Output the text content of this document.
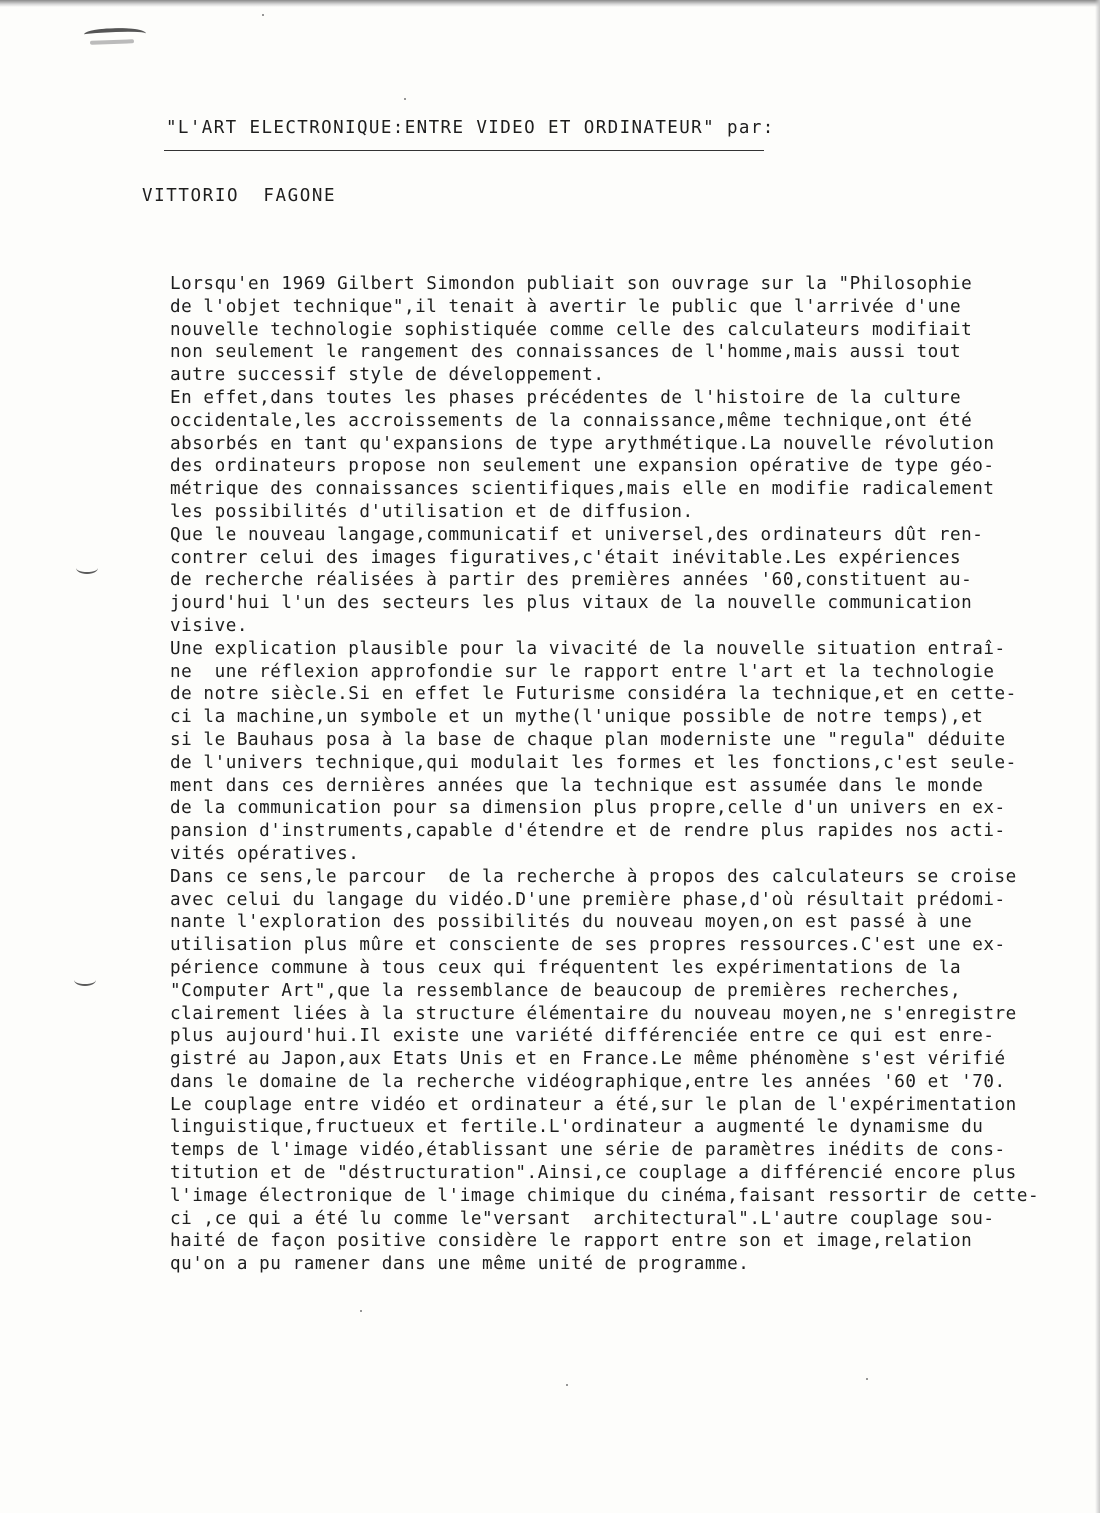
"L'ART ELECTRONIQUE:ENTRE VIDEO ET ORDINATEUR" par:
VITTORIO  FAGONE
Lorsqu'en 1969 Gilbert Simondon publiait son ouvrage sur la "Philosophie
de l'objet technique",il tenait à avertir le public que l'arrivée d'une
nouvelle technologie sophistiquée comme celle des calculateurs modifiait
non seulement le rangement des connaissances de l'homme,mais aussi tout
autre successif style de développement.
En effet,dans toutes les phases précédentes de l'histoire de la culture
occidentale,les accroissements de la connaissance,même technique,ont été
absorbés en tant qu'expansions de type arythmétique.La nouvelle révolution
des ordinateurs propose non seulement une expansion opérative de type géo-
métrique des connaissances scientifiques,mais elle en modifie radicalement
les possibilités d'utilisation et de diffusion.
Que le nouveau langage,communicatif et universel,des ordinateurs dût ren-
contrer celui des images figuratives,c'était inévitable.Les expériences
de recherche réalisées à partir des premières années '60,constituent au-
jourd'hui l'un des secteurs les plus vitaux de la nouvelle communication
visive.
Une explication plausible pour la vivacité de la nouvelle situation entraî-
ne  une réflexion approfondie sur le rapport entre l'art et la technologie
de notre siècle.Si en effet le Futurisme considéra la technique,et en cette-
ci la machine,un symbole et un mythe(l'unique possible de notre temps),et
si le Bauhaus posa à la base de chaque plan moderniste une "regula" déduite
de l'univers technique,qui modulait les formes et les fonctions,c'est seule-
ment dans ces dernières années que la technique est assumée dans le monde
de la communication pour sa dimension plus propre,celle d'un univers en ex-
pansion d'instruments,capable d'étendre et de rendre plus rapides nos acti-
vités opératives.
Dans ce sens,le parcour  de la recherche à propos des calculateurs se croise
avec celui du langage du vidéo.D'une première phase,d'où résultait prédomi-
nante l'exploration des possibilités du nouveau moyen,on est passé à une
utilisation plus mûre et consciente de ses propres ressources.C'est une ex-
périence commune à tous ceux qui fréquentent les expérimentations de la
"Computer Art",que la ressemblance de beaucoup de premières recherches,
clairement liées à la structure élémentaire du nouveau moyen,ne s'enregistre
plus aujourd'hui.Il existe une variété différenciée entre ce qui est enre-
gistré au Japon,aux Etats Unis et en France.Le même phénomène s'est vérifié
dans le domaine de la recherche vidéographique,entre les années '60 et '70.
Le couplage entre vidéo et ordinateur a été,sur le plan de l'expérimentation
linguistique,fructueux et fertile.L'ordinateur a augmenté le dynamisme du
temps de l'image vidéo,établissant une série de paramètres inédits de cons-
titution et de "déstructuration".Ainsi,ce couplage a différencié encore plus
l'image électronique de l'image chimique du cinéma,faisant ressortir de cette-
ci ,ce qui a été lu comme le"versant  architectural".L'autre couplage sou-
haité de façon positive considère le rapport entre son et image,relation
qu'on a pu ramener dans une même unité de programme.
